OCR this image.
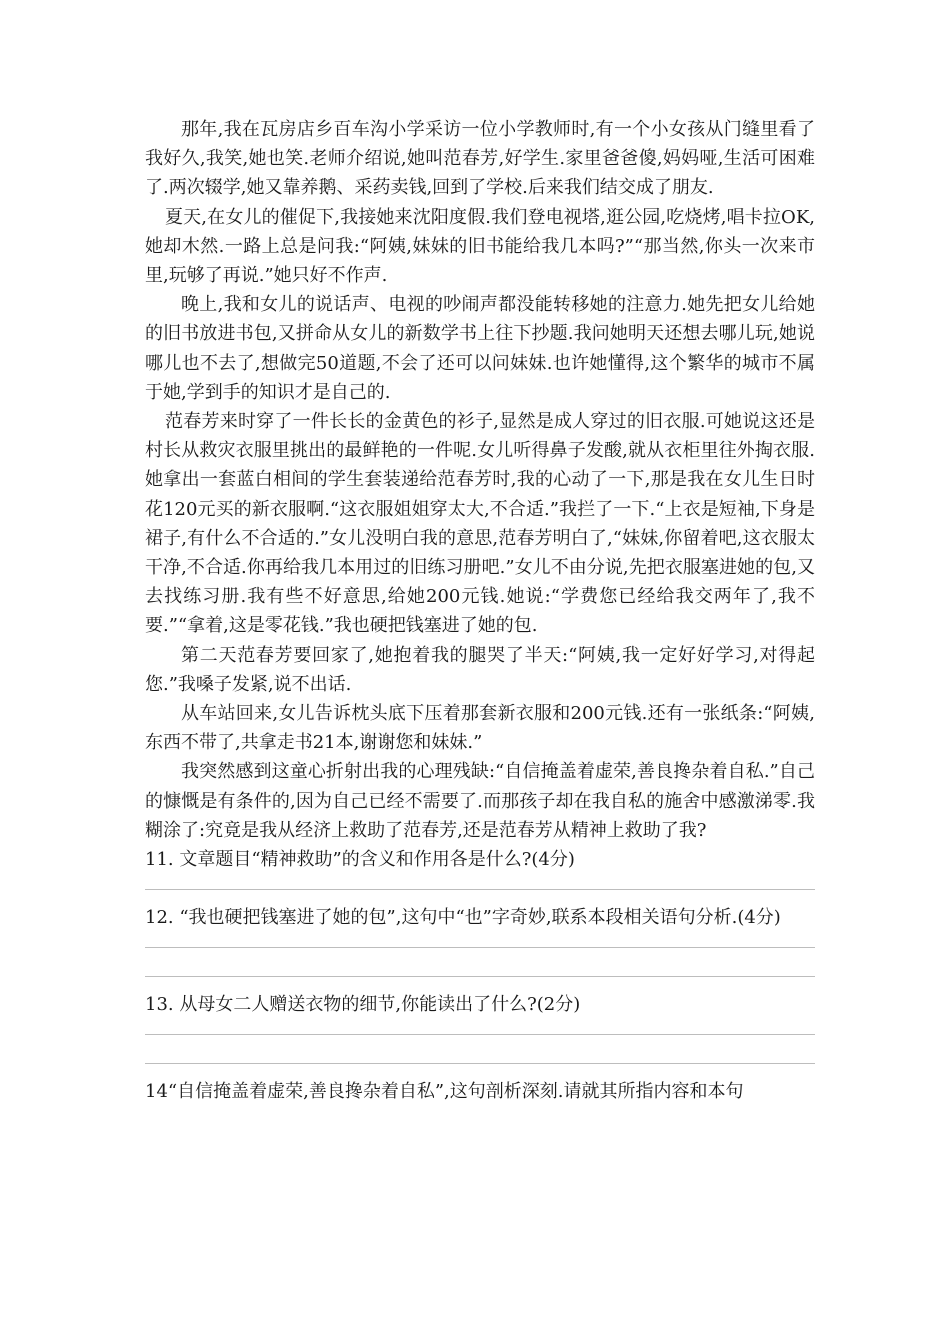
那年,我在瓦房店乡百车沟小学采访一位小学教师时,有一个小女孩从门缝里看了我好久,我笑,她也笑.老师介绍说,她叫范春芳,好学生.家里爸爸傻,妈妈哑,生活可困难了.两次辍学,她又靠养鹅、采药卖钱,回到了学校.后来我们结交成了朋友.

夏天,在女儿的催促下,我接她来沈阳度假.我们登电视塔,逛公园,吃烧烤,唱卡拉OK,她却木然.一路上总是问我:“阿姨,妹妹的旧书能给我几本吗?”“那当然,你头一次来市里,玩够了再说.”她只好不作声.

晚上,我和女儿的说话声、电视的吵闹声都没能转移她的注意力.她先把女儿给她的旧书放进书包,又拼命从女儿的新数学书上往下抄题.我问她明天还想去哪儿玩,她说哪儿也不去了,想做完50道题,不会了还可以问妹妹.也许她懂得,这个繁华的城市不属于她,学到手的知识才是自己的.

范春芳来时穿了一件长长的金黄色的衫子,显然是成人穿过的旧衣服.可她说这还是村长从救灾衣服里挑出的最鲜艳的一件呢.女儿听得鼻子发酸,就从衣柜里往外掏衣服.她拿出一套蓝白相间的学生套装递给范春芳时,我的心动了一下,那是我在女儿生日时花120元买的新衣服啊.“这衣服姐姐穿太大,不合适.”我拦了一下.“上衣是短袖,下身是裙子,有什么不合适的.”女儿没明白我的意思,范春芳明白了,“妹妹,你留着吧,这衣服太干净,不合适.你再给我几本用过的旧练习册吧.”女儿不由分说,先把衣服塞进她的包,又去找练习册.我有些不好意思,给她200元钱.她说:“学费您已经给我交两年了,我不要.”“拿着,这是零花钱.”我也硬把钱塞进了她的包.

第二天范春芳要回家了,她抱着我的腿哭了半天:“阿姨,我一定好好学习,对得起您.”我嗓子发紧,说不出话.

从车站回来,女儿告诉枕头底下压着那套新衣服和200元钱.还有一张纸条:“阿姨,东西不带了,共拿走书21本,谢谢您和妹妹.”

我突然感到这童心折射出我的心理残缺:“自信掩盖着虚荣,善良搀杂着自私.”自己的慷慨是有条件的,因为自己已经不需要了.而那孩子却在我自私的施舍中感激涕零.我糊涂了:究竟是我从经济上救助了范春芳,还是范春芳从精神上救助了我?

11. 文章题目“精神救助”的含义和作用各是什么?(4分)

12. “我也硬把钱塞进了她的包”,这句中“也”字奇妙,联系本段相关语句分析.(4分)

13. 从母女二人赠送衣物的细节,你能读出了什么?(2分)

14“自信掩盖着虚荣,善良搀杂着自私”,这句剖析深刻.请就其所指内容和本句
